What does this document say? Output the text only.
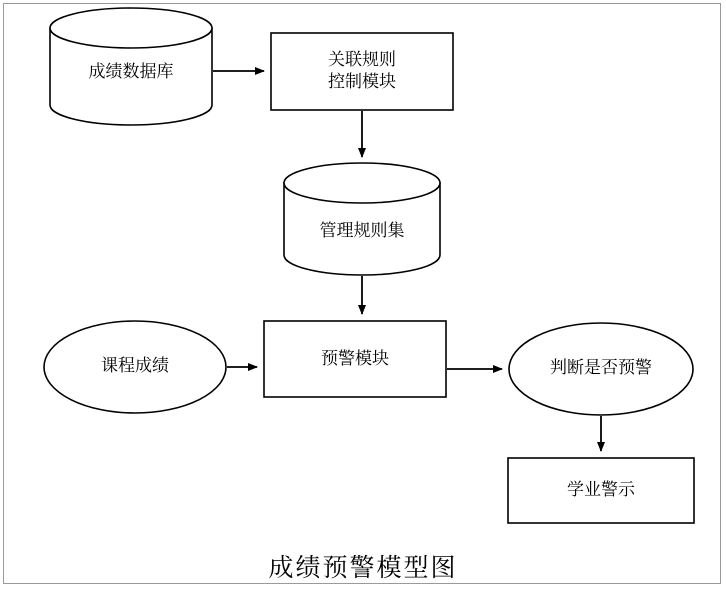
成绩数据库
关联规则
控制模块
管理规则集
课程成绩	预警模块	判断是否预警
学业警示
成绩预警模型图
